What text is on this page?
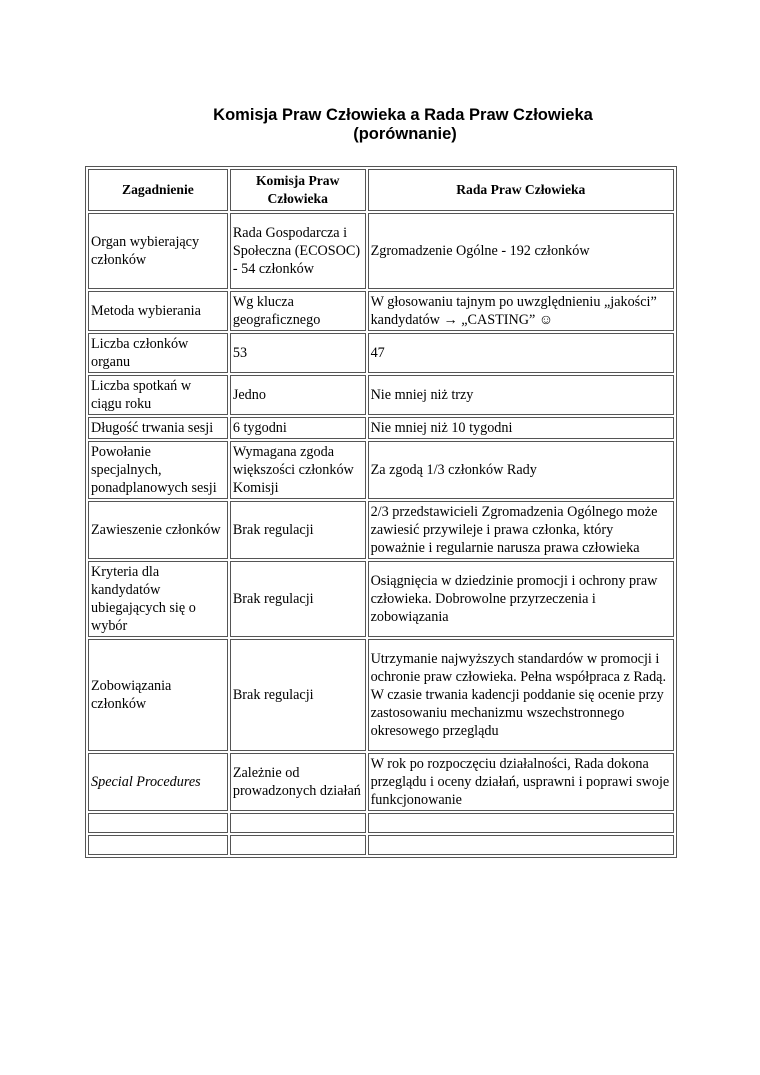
Komisja Praw Człowieka a Rada Praw Człowieka
(porównanie)
Zagadnienie	Komisja Praw Człowieka	Rada Praw Człowieka
Organ wybierający członków	Rada Gospodarcza i Społeczna (ECOSOC) - 54 członków	Zgromadzenie Ogólne - 192 członków
Metoda wybierania	Wg klucza geograficznego	W głosowaniu tajnym po uwzględnieniu „jakości” kandydatów → „CASTING” ☺
Liczba członków organu	53	47
Liczba spotkań w ciągu roku	Jedno	Nie mniej niż trzy
Długość trwania sesji	6 tygodni	Nie mniej niż 10 tygodni
Powołanie specjalnych, ponadplanowych sesji	Wymagana zgoda większości członków Komisji	Za zgodą 1/3 członków Rady
Zawieszenie członków	Brak regulacji	2/3 przedstawicieli Zgromadzenia Ogólnego może zawiesić przywileje i prawa członka, który poważnie i regularnie narusza prawa człowieka
Kryteria dla kandydatów ubiegających się o wybór	Brak regulacji	Osiągnięcia w dziedzinie promocji i ochrony praw człowieka. Dobrowolne przyrzeczenia i zobowiązania
Zobowiązania członków	Brak regulacji	Utrzymanie najwyższych standardów w promocji i ochronie praw człowieka. Pełna współpraca z Radą. W czasie trwania kadencji poddanie się ocenie przy zastosowaniu mechanizmu wszechstronnego okresowego przeglądu
Special Procedures	Zależnie od prowadzonych działań	W rok po rozpoczęciu działalności, Rada dokona przeglądu i oceny działań, usprawni i poprawi swoje funkcjonowanie
